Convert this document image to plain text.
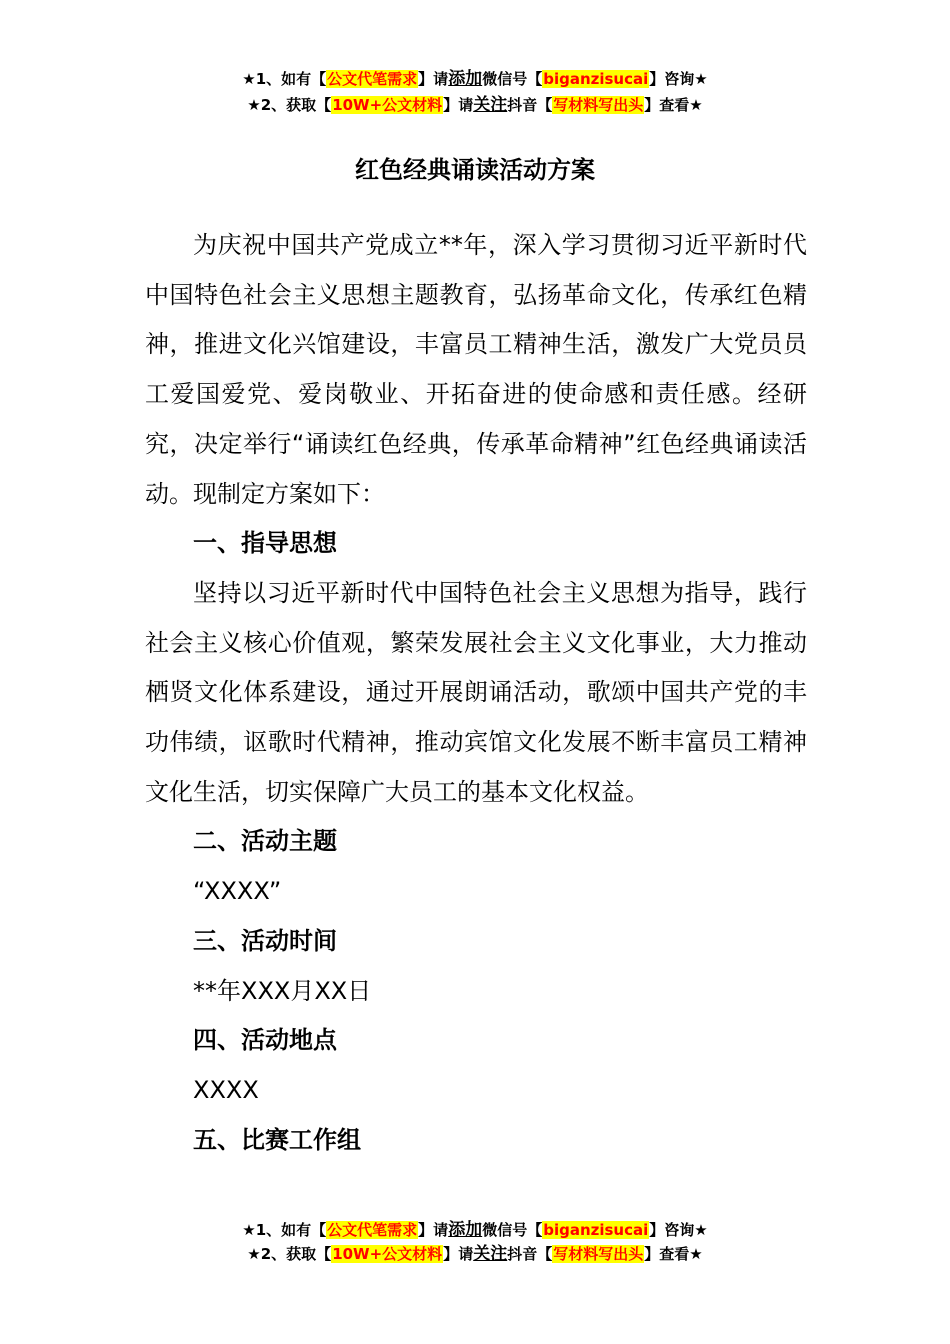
★1、如有【公文代笔需求】请添加微信号【biganzisucai】咨询★
★2、获取【10W+公文材料】请关注抖音【写材料写出头】查看★
红色经典诵读活动方案

为庆祝中国共产党成立**年，深入学习贯彻习近平新时代中国特色社会主义思想主题教育，弘扬革命文化，传承红色精神，推进文化兴馆建设，丰富员工精神生活，激发广大党员员工爱国爱党、爱岗敬业、开拓奋进的使命感和责任感。经研究，决定举行“诵读红色经典，传承革命精神”红色经典诵读活动。现制定方案如下：

一、指导思想

坚持以习近平新时代中国特色社会主义思想为指导，践行社会主义核心价值观，繁荣发展社会主义文化事业，大力推动栖贤文化体系建设，通过开展朗诵活动，歌颂中国共产党的丰功伟绩，讴歌时代精神，推动宾馆文化发展不断丰富员工精神文化生活，切实保障广大员工的基本文化权益。

二、活动主题

“XXXX”

三、活动时间

**年XXX月XX日

四、活动地点

XXXX

五、比赛工作组

★1、如有【公文代笔需求】请添加微信号【biganzisucai】咨询★
★2、获取【10W+公文材料】请关注抖音【写材料写出头】查看★
